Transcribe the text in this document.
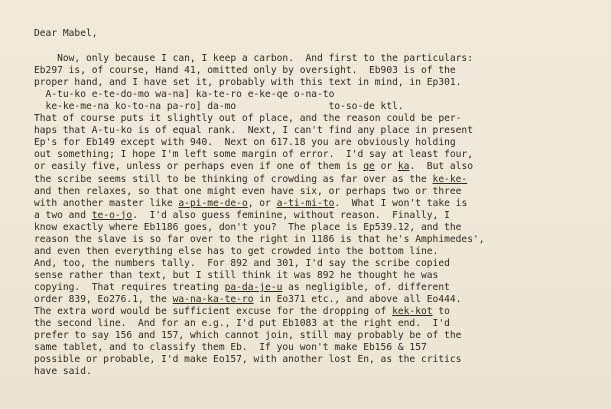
Dear Mabel,
Now, only because I can, I keep a carbon.  And first to the particulars:
Eb297 is, of course, Hand 41, omitted only by oversight.  Eb903 is of the
proper hand, and I have set it, probably with this text in mind, in Ep301.
A-tu-ko e-te-do-mo wa-na] ka-te-ro e-ke-qe o-na-to
ke-ke-me-na ko-to-na pa-ro] da-mo                to-so-de ktl.
That of course puts it slightly out of place, and the reason could be per-
haps that A-tu-ko is of equal rank.  Next, I can't find any place in present
Ep's for Eb149 except with 940.  Next on 617.18 you are obviously holding
out something; I hope I'm left some margin of error.  I'd say at least four,
or easily five, unless or perhaps even if one of them is qe or ka.  But also
the scribe seems still to be thinking of crowding as far over as the ke-ke-
and then relaxes, so that one might even have six, or perhaps two or three
with another master like a-pi-me-de-o, or a-ti-mi-to.  What I won't take is
a two and te-o-jo.  I'd also guess feminine, without reason.  Finally, I
know exactly where Eb1186 goes, don't you?  The place is Ep539.12, and the
reason the slave is so far over to the right in 1186 is that he's Amphimedes',
and even then everything else has to get crowded into the bottom line.
And, too, the numbers tally.  For 892 and 301, I'd say the scribe copied
sense rather than text, but I still think it was 892 he thought he was
copying.  That requires treating pa-da-je-u as negligible, of. different
order 839, Eo276.1, the wa-na-ka-te-ro in Eo371 etc., and above all Eo444.
The extra word would be sufficient excuse for the dropping of kek-kot to
the second line.  And for an e.g., I'd put Eb1083 at the right end.  I'd
prefer to say 156 and 157, which cannot join, still may probably be of the
same tablet, and to classify them Eb.  If you won't make Eb156 & 157
possible or probable, I'd make Eo157, with another lost En, as the critics
have said.
